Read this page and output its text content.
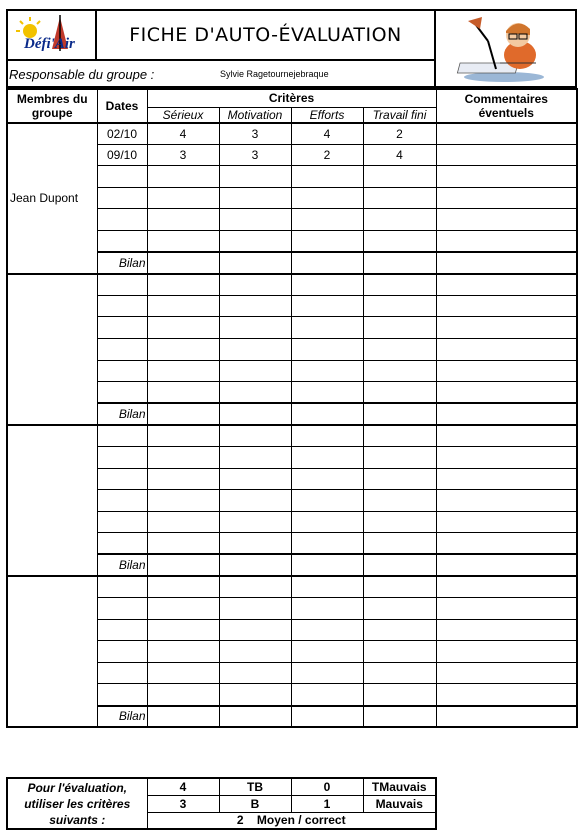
Défi'Air	FICHE D'AUTO-ÉVALUATION
Responsable du groupe :	Sylvie Ragetournejebraque
Membres du groupe	Dates	Critères				Commentaires éventuels
		Sérieux	Motivation	Efforts	Travail fini	
Jean Dupont	02/10	4	3	4	2	
	09/10	3	3	2	4	

	Bilan					

	Bilan					

	Bilan					

	Bilan					
Pour l'évaluation, utiliser les critères suivants :	4	TB	0	TMauvais
	3	B	1	Mauvais
	2 Moyen / correct			
